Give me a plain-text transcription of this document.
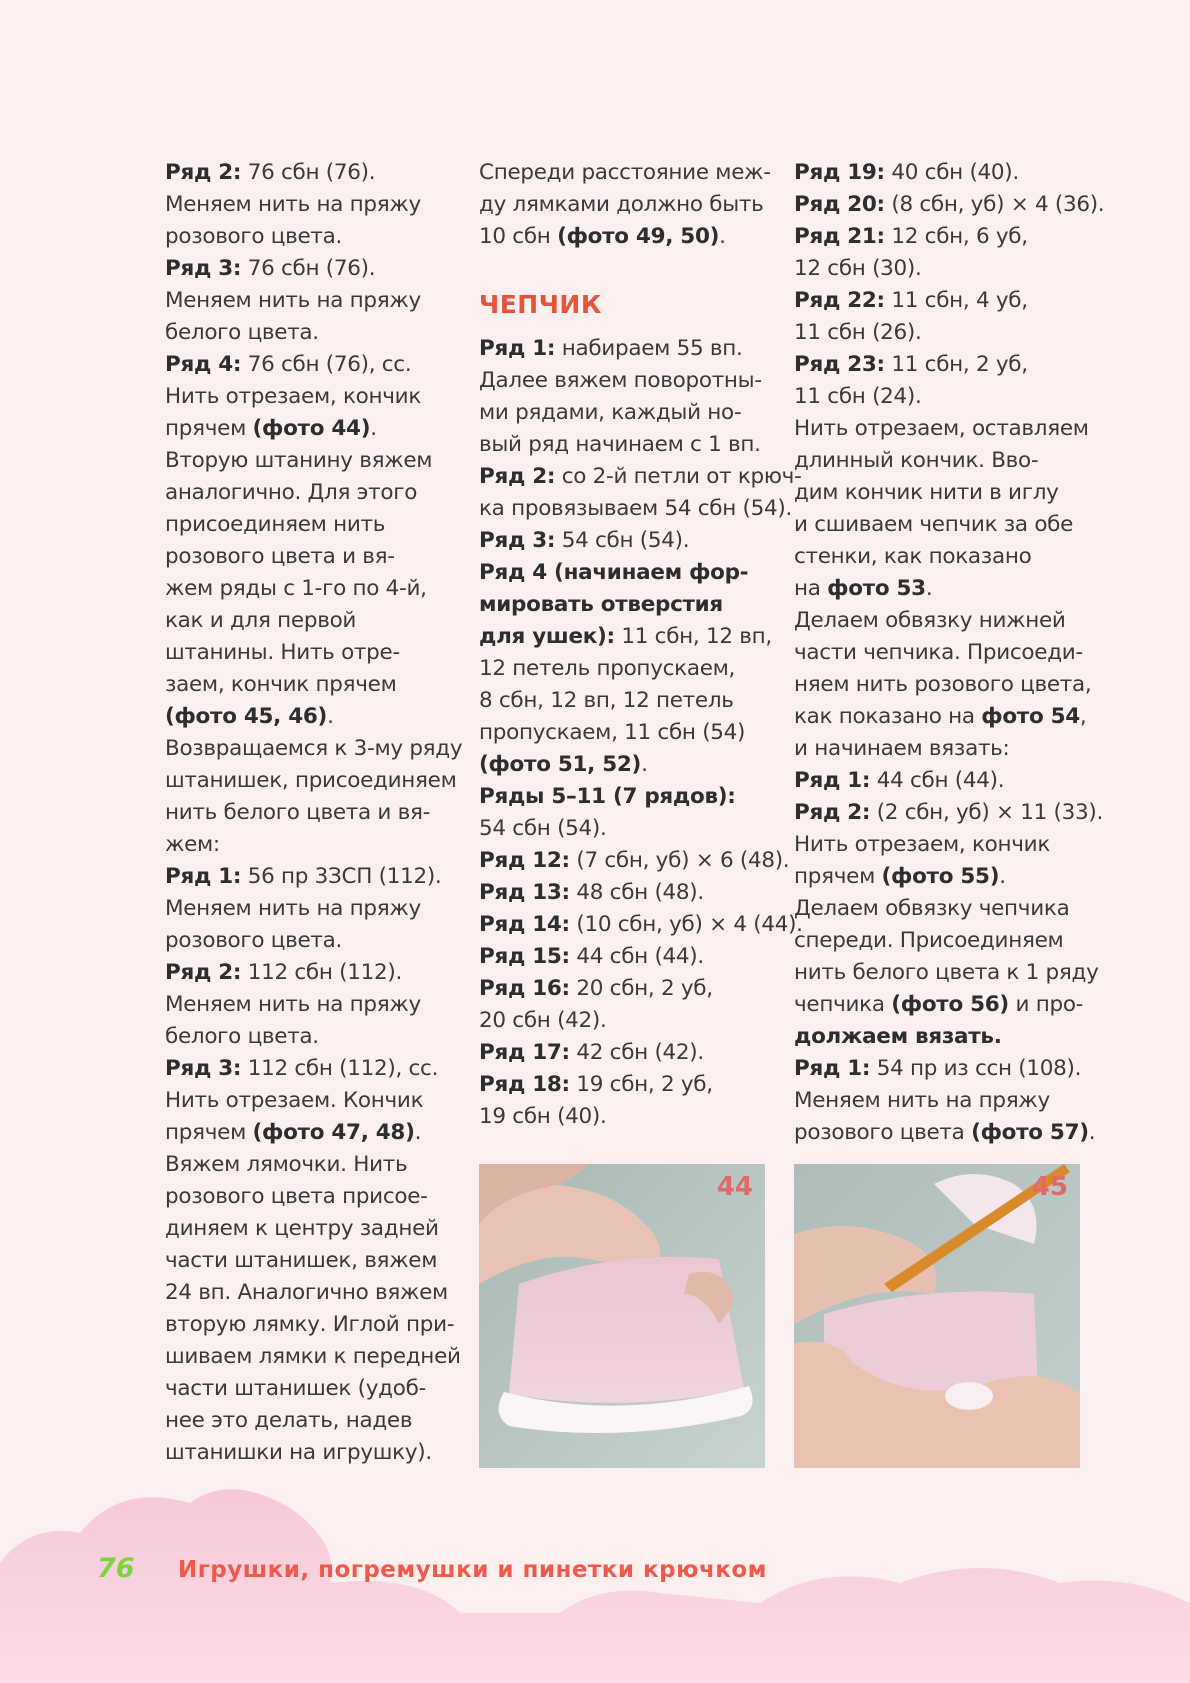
Ряд 2: 76 сбн (76).
Меняем нить на пряжу
розового цвета.
Ряд 3: 76 сбн (76).
Меняем нить на пряжу
белого цвета.
Ряд 4: 76 сбн (76), сс.
Нить отрезаем, кончик
прячем (фото 44).
Вторую штанину вяжем
аналогично. Для этого
присоединяем нить
розового цвета и вя-
жем ряды с 1-го по 4-й,
как и для первой
штанины. Нить отре-
заем, кончик прячем
(фото 45, 46).
Возвращаемся к 3-му ряду
штанишек, присоединяем
нить белого цвета и вя-
жем:
Ряд 1: 56 пр 3ЗСП (112).
Меняем нить на пряжу
розового цвета.
Ряд 2: 112 сбн (112).
Меняем нить на пряжу
белого цвета.
Ряд 3: 112 сбн (112), сс.
Нить отрезаем. Кончик
прячем (фото 47, 48).
Вяжем лямочки. Нить
розового цвета присое-
диняем к центру задней
части штанишек, вяжем
24 вп. Аналогично вяжем
вторую лямку. Иглой при-
шиваем лямки к передней
части штанишек (удоб-
нее это делать, надев
штанишки на игрушку).
Спереди расстояние меж-
ду лямками должно быть
10 сбн (фото 49, 50).
ЧЕПЧИК
Ряд 1: набираем 55 вп.
Далее вяжем поворотны-
ми рядами, каждый но-
вый ряд начинаем с 1 вп.
Ряд 2: со 2-й петли от крюч-
ка провязываем 54 сбн (54).
Ряд 3: 54 сбн (54).
Ряд 4 (начинаем фор-
мировать отверстия
для ушек): 11 сбн, 12 вп,
12 петель пропускаем,
8 сбн, 12 вп, 12 петель
пропускаем, 11 сбн (54)
(фото 51, 52).
Ряды 5–11 (7 рядов):
54 сбн (54).
Ряд 12: (7 сбн, уб) × 6 (48).
Ряд 13: 48 сбн (48).
Ряд 14: (10 сбн, уб) × 4 (44).
Ряд 15: 44 сбн (44).
Ряд 16: 20 сбн, 2 уб,
20 сбн (42).
Ряд 17: 42 сбн (42).
Ряд 18: 19 сбн, 2 уб,
19 сбн (40).
Ряд 19: 40 сбн (40).
Ряд 20: (8 сбн, уб) × 4 (36).
Ряд 21: 12 сбн, 6 уб,
12 сбн (30).
Ряд 22: 11 сбн, 4 уб,
11 сбн (26).
Ряд 23: 11 сбн, 2 уб,
11 сбн (24).
Нить отрезаем, оставляем
длинный кончик. Вво-
дим кончик нити в иглу
и сшиваем чепчик за обе
стенки, как показано
на фото 53.
Делаем обвязку нижней
части чепчика. Присоеди-
няем нить розового цвета,
как показано на фото 54,
и начинаем вязать:
Ряд 1: 44 сбн (44).
Ряд 2: (2 сбн, уб) × 11 (33).
Нить отрезаем, кончик
прячем (фото 55).
Делаем обвязку чепчика
спереди. Присоединяем
нить белого цвета к 1 ряду
чепчика (фото 56) и про-
должаем вязать.
Ряд 1: 54 пр из ссн (108).
Меняем нить на пряжу
розового цвета (фото 57).
44	45
76 Игрушки, погремушки и пинетки крючком
